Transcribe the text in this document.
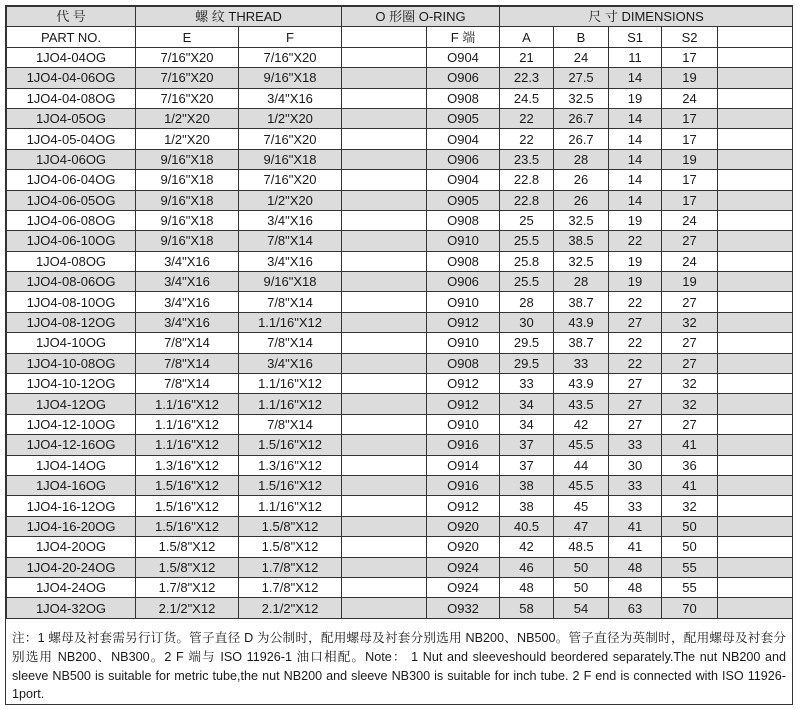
代 号	螺 纹 THREAD		O 形圈 O-RING		尺 寸 DIMENSIONS				
PART NO.	E	F		F 端	A	B	S1	S2	
1JO4-04OG	7/16"X20	7/16"X20		O904	21	24	11	17	
1JO4-04-06OG	7/16"X20	9/16"X18		O906	22.3	27.5	14	19	
1JO4-04-08OG	7/16"X20	3/4"X16		O908	24.5	32.5	19	24	
1JO4-05OG	1/2"X20	1/2"X20		O905	22	26.7	14	17	
1JO4-05-04OG	1/2"X20	7/16"X20		O904	22	26.7	14	17	
1JO4-06OG	9/16"X18	9/16"X18		O906	23.5	28	14	19	
1JO4-06-04OG	9/16"X18	7/16"X20		O904	22.8	26	14	17	
1JO4-06-05OG	9/16"X18	1/2"X20		O905	22.8	26	14	17	
1JO4-06-08OG	9/16"X18	3/4"X16		O908	25	32.5	19	24	
1JO4-06-10OG	9/16"X18	7/8"X14		O910	25.5	38.5	22	27	
1JO4-08OG	3/4"X16	3/4"X16		O908	25.8	32.5	19	24	
1JO4-08-06OG	3/4"X16	9/16"X18		O906	25.5	28	19	19	
1JO4-08-10OG	3/4"X16	7/8"X14		O910	28	38.7	22	27	
1JO4-08-12OG	3/4"X16	1.1/16"X12		O912	30	43.9	27	32	
1JO4-10OG	7/8"X14	7/8"X14		O910	29.5	38.7	22	27	
1JO4-10-08OG	7/8"X14	3/4"X16		O908	29.5	33	22	27	
1JO4-10-12OG	7/8"X14	1.1/16"X12		O912	33	43.9	27	32	
1JO4-12OG	1.1/16"X12	1.1/16"X12		O912	34	43.5	27	32	
1JO4-12-10OG	1.1/16"X12	7/8"X14		O910	34	42	27	27	
1JO4-12-16OG	1.1/16"X12	1.5/16"X12		O916	37	45.5	33	41	
1JO4-14OG	1.3/16"X12	1.3/16"X12		O914	37	44	30	36	
1JO4-16OG	1.5/16"X12	1.5/16"X12		O916	38	45.5	33	41	
1JO4-16-12OG	1.5/16"X12	1.1/16"X12		O912	38	45	33	32	
1JO4-16-20OG	1.5/16"X12	1.5/8"X12		O920	40.5	47	41	50	
1JO4-20OG	1.5/8"X12	1.5/8"X12		O920	42	48.5	41	50	
1JO4-20-24OG	1.5/8"X12	1.7/8"X12		O924	46	50	48	55	
1JO4-24OG	1.7/8"X12	1.7/8"X12		O924	48	50	48	55	
1JO4-32OG	2.1/2"X12	2.1/2"X12		O932	58	54	63	70	
注：1 螺母及衬套需另行订货。管子直径 D 为公制时，配用螺母及衬套分别选用 NB200、NB500。管子直径为英制时，配用螺母及衬套分别选用 NB200、NB300。2 F 端与 ISO 11926-1 油口相配。Note： 1 Nut and sleeveshould beordered separately.The nut NB200 and sleeve NB500 is suitable for metric tube,the nut NB200 and sleeve NB300 is suitable for inch tube. 2 F end is connected with ISO 11926-1port.
